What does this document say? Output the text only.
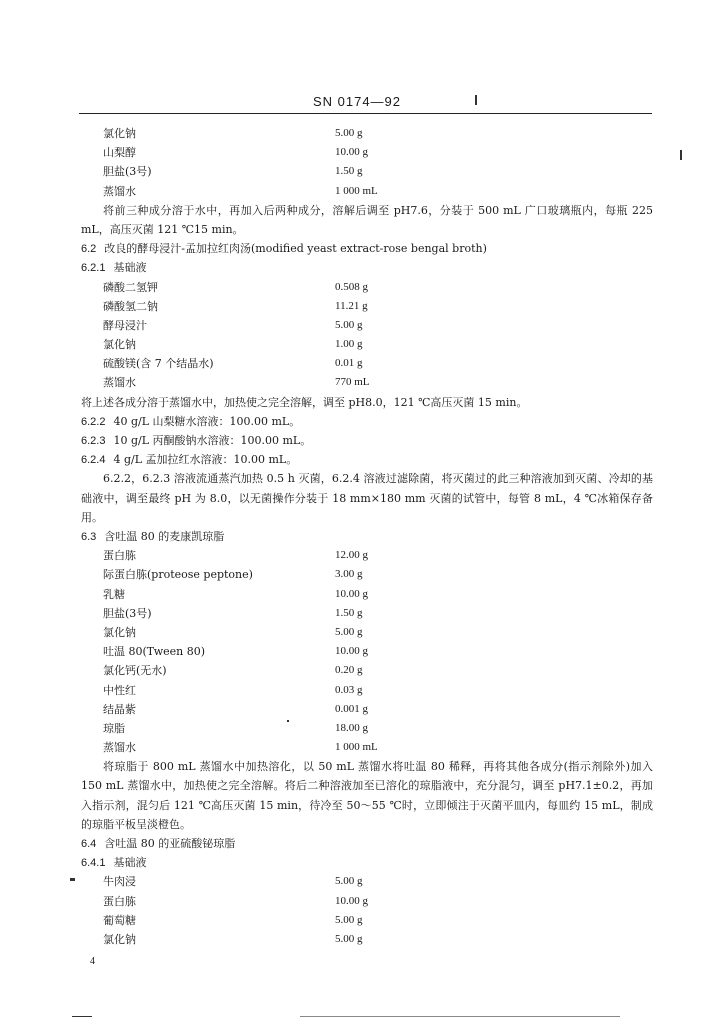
SN 0174—92
氯化钠	5.00 g
山梨醇	10.00 g
胆盐(3号)	1.50 g
蒸馏水	1 000 mL
将前三种成分溶于水中，再加入后两种成分，溶解后调至 pH7.6，分装于 500 mL 广口玻璃瓶内，每瓶 225 mL，高压灭菌 121 ℃15 min。
6.2 改良的酵母浸汁-孟加拉红肉汤(modified yeast extract-rose bengal broth)
6.2.1 基础液
磷酸二氢钾	0.508 g
磷酸氢二钠	11.21 g
酵母浸汁	5.00 g
氯化钠	1.00 g
硫酸镁(含 7 个结晶水)	0.01 g
蒸馏水	770 mL
将上述各成分溶于蒸馏水中，加热使之完全溶解，调至 pH8.0，121 ℃高压灭菌 15 min。
6.2.2 40 g/L 山梨糖水溶液：100.00 mL。
6.2.3 10 g/L 丙酮酸钠水溶液：100.00 mL。
6.2.4 4 g/L 孟加拉红水溶液：10.00 mL。
6.2.2，6.2.3 溶液流通蒸汽加热 0.5 h 灭菌，6.2.4 溶液过滤除菌，将灭菌过的此三种溶液加到灭菌、冷却的基础液中，调至最终 pH 为 8.0，以无菌操作分装于 18 mm×180 mm 灭菌的试管中，每管 8 mL，4 ℃冰箱保存备用。
6.3 含吐温 80 的麦康凯琼脂
蛋白胨	12.00 g
际蛋白胨(proteose peptone)	3.00 g
乳糖	10.00 g
胆盐(3号)	1.50 g
氯化钠	5.00 g
吐温 80(Tween 80)	10.00 g
氯化钙(无水)	0.20 g
中性红	0.03 g
结晶紫	0.001 g
琼脂	18.00 g
蒸馏水	1 000 mL
将琼脂于 800 mL 蒸馏水中加热溶化，以 50 mL 蒸馏水将吐温 80 稀释，再将其他各成分(指示剂除外)加入 150 mL 蒸馏水中，加热使之完全溶解。将后二种溶液加至已溶化的琼脂液中，充分混匀，调至 pH7.1±0.2，再加入指示剂，混匀后 121 ℃高压灭菌 15 min，待冷至 50～55 ℃时，立即倾注于灭菌平皿内，每皿约 15 mL，制成的琼脂平板呈淡橙色。
6.4 含吐温 80 的亚硫酸铋琼脂
6.4.1 基础液
牛肉浸	5.00 g
蛋白胨	10.00 g
葡萄糖	5.00 g
氯化钠	5.00 g
4
